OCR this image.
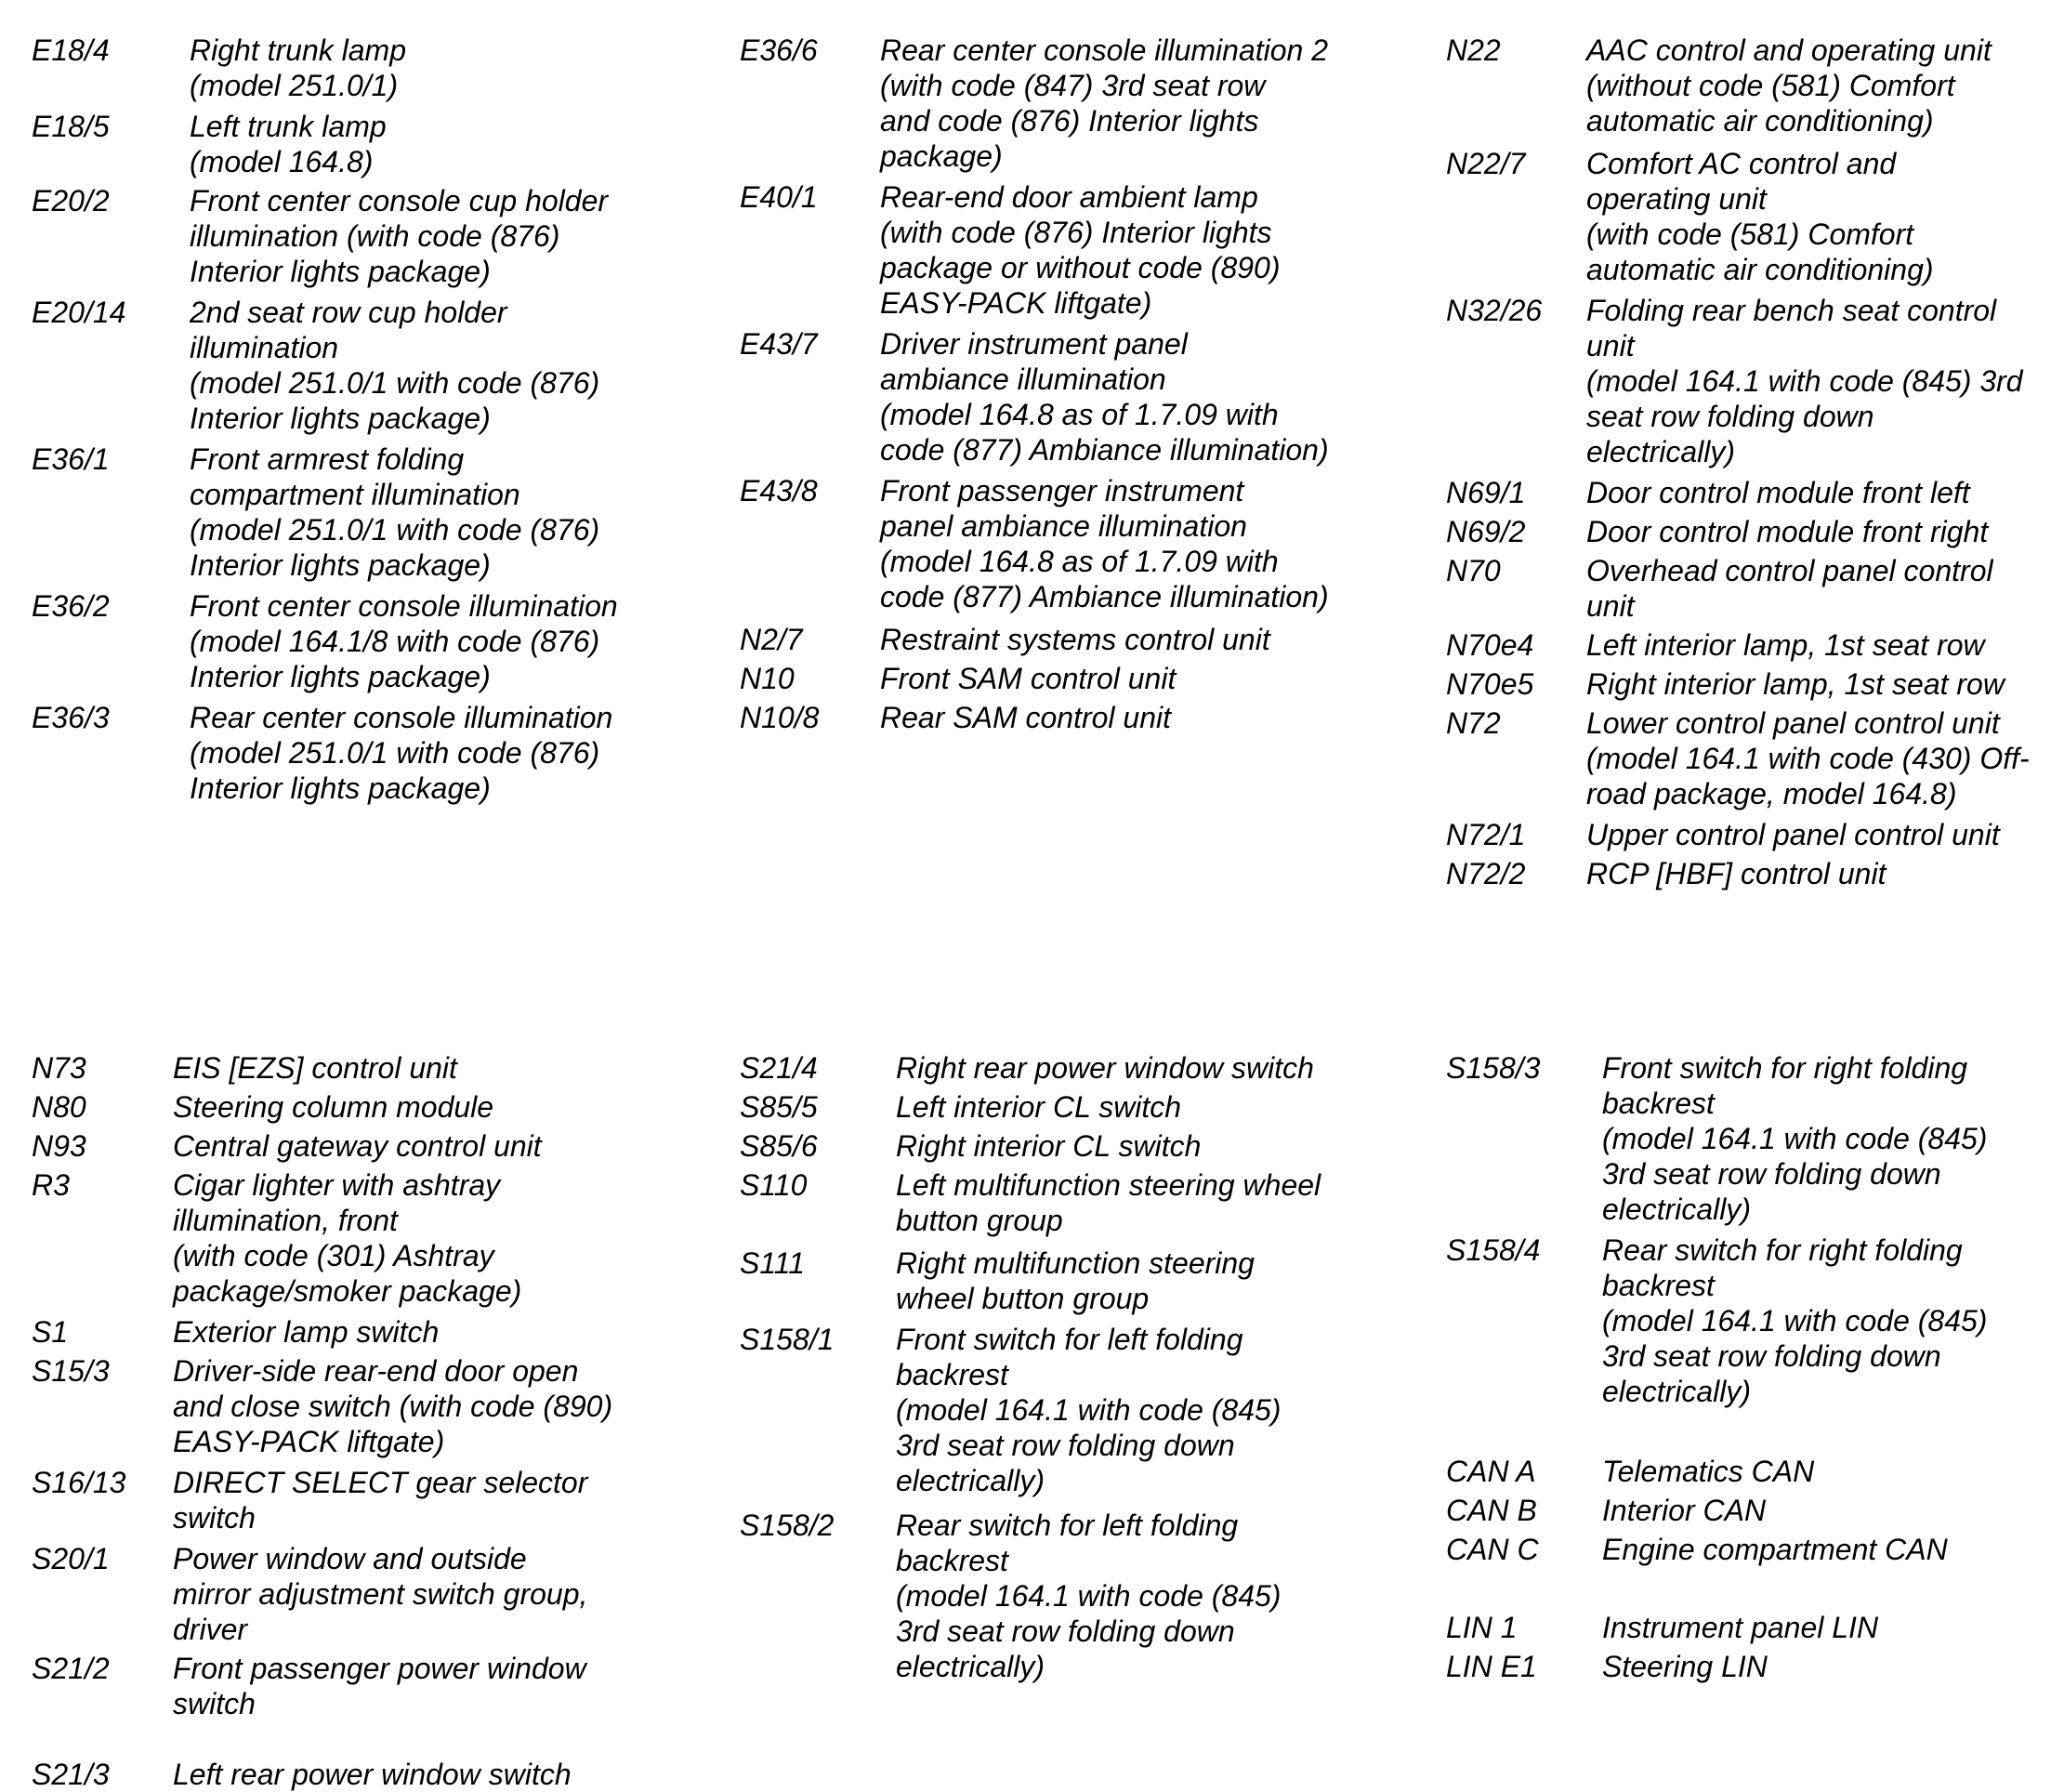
E18/4	Right trunk lamp
(model 251.0/1)
E18/5	Left trunk lamp
(model 164.8)
E20/2	Front center console cup holder
illumination (with code (876)
Interior lights package)
E20/14 2nd seat row cup holder
illumination
(model 251.0/1 with code (876)
Interior lights package)
E36/1	Front armrest folding
compartment illumination
(model 251.0/1 with code (876)
Interior lights package)
E36/2	Front center console illumination
(model 164.1/8 with code (876)
Interior lights package)
E36/3	Rear center console illumination
(model 251.0/1 with code (876)
Interior lights package)
E36/6 Rear center console illumination 2
(with code (847) 3rd seat row
and code (876) Interior lights
package)
E40/1 Rear-end door ambient lamp
(with code (876) Interior lights
package or without code (890)
EASY-PACK liftgate)
E43/7 Driver instrument panel
ambiance illumination
(model 164.8 as of 1.7.09 with
code (877) Ambiance illumination)
E43/8 Front passenger instrument
panel ambiance illumination
(model 164.8 as of 1.7.09 with
code (877) Ambiance illumination)
N2/7	Restraint systems control unit
N10	Front SAM control unit
N10/8 Rear SAM control unit
N22	AAC control and operating unit
(without code (581) Comfort
automatic air conditioning)
N22/7 Comfort AC control and
operating unit
(with code (581) Comfort
automatic air conditioning)
N32/26 Folding rear bench seat control
unit
(model 164.1 with code (845) 3rd
seat row folding down
electrically)
N69/1 Door control module front left
N69/2 Door control module front right
N70	Overhead control panel control
unit
N70e4 Left interior lamp, 1st seat row
N70e5 Right interior lamp, 1st seat row
N72	Lower control panel control unit
(model 164.1 with code (430) Off-
road package, model 164.8)
N72/1 Upper control panel control unit
N72/2 RCP [HBF] control unit
N73	EIS [EZS] control unit
N80	Steering column module
N93	Central gateway control unit
R3	Cigar lighter with ashtray
illumination, front
(with code (301) Ashtray
package/smoker package)
S1	Exterior lamp switch
S15/3 Driver-side rear-end door open
and close switch (with code (890)
EASY-PACK liftgate)
S16/13 DIRECT SELECT gear selector
switch
S20/1 Power window and outside
mirror adjustment switch group,
driver
S21/2 Front passenger power window
switch
S21/3 Left rear power window switch
S21/4	Right rear power window switch
S85/5	Left interior CL switch
S85/6	Right interior CL switch
S110	Left multifunction steering wheel
button group
S111	Right multifunction steering
wheel button group
S158/1 Front switch for left folding
backrest
(model 164.1 with code (845)
3rd seat row folding down
electrically)
S158/2 Rear switch for left folding
backrest
(model 164.1 with code (845)
3rd seat row folding down
electrically)
S158/3 Front switch for right folding
backrest
(model 164.1 with code (845)
3rd seat row folding down
electrically)
S158/4 Rear switch for right folding
backrest
(model 164.1 with code (845)
3rd seat row folding down
electrically)
CAN A Telematics CAN
CAN B Interior CAN
CAN C Engine compartment CAN
LIN 1	Instrument panel LIN
LIN E1 Steering LIN
